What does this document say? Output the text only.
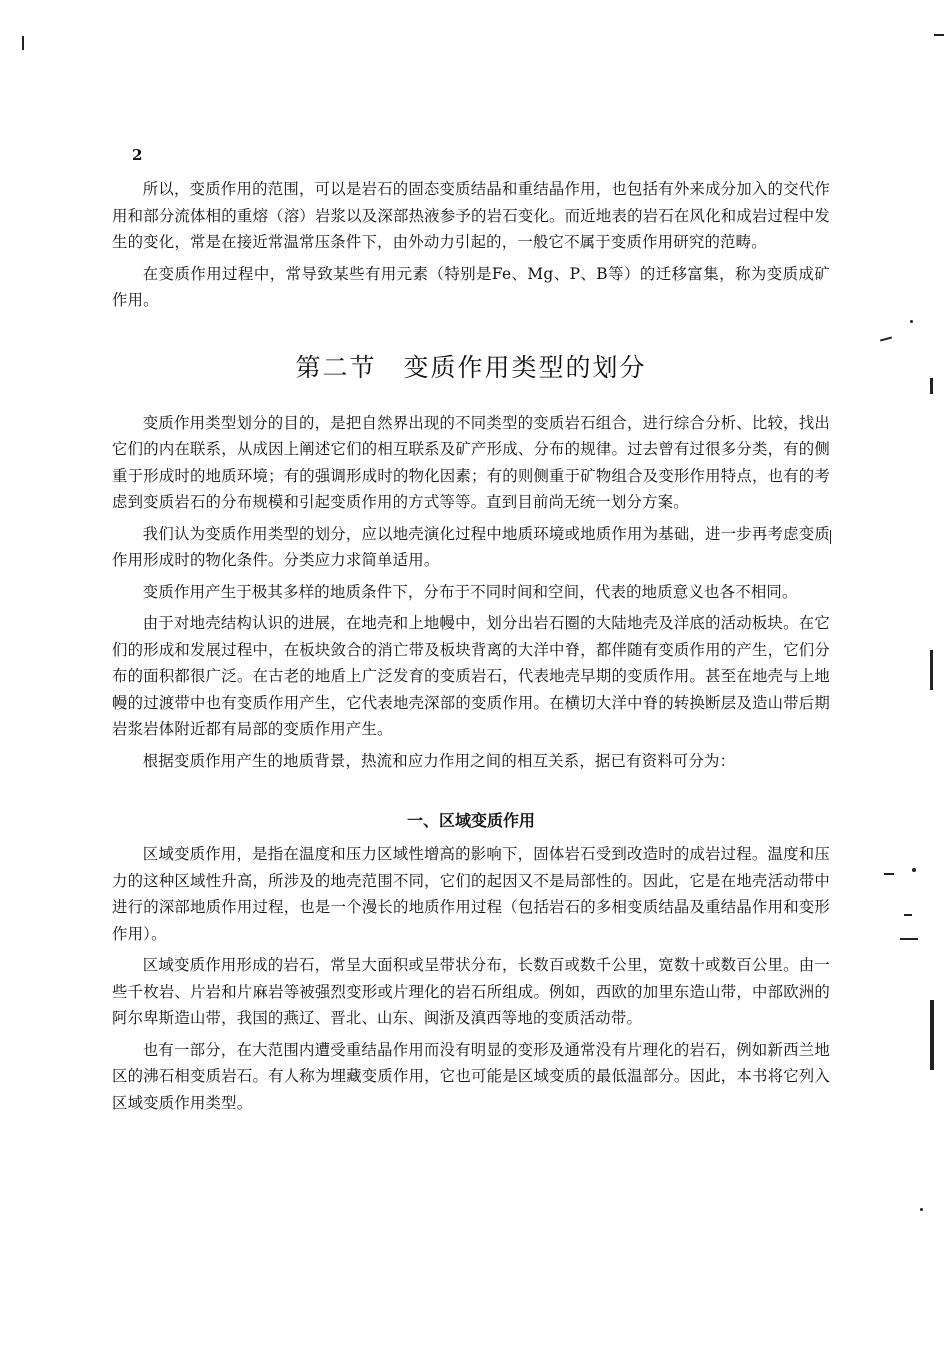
2

所以，变质作用的范围，可以是岩石的固态变质结晶和重结晶作用，也包括有外来成分加入的交代作用和部分流体相的重熔（溶）岩浆以及深部热液参予的岩石变化。而近地表的岩石在风化和成岩过程中发生的变化，常是在接近常温常压条件下，由外动力引起的，一般它不属于变质作用研究的范畴。

在变质作用过程中，常导致某些有用元素（特别是Fe、Mg、P、B等）的迁移富集，称为变质成矿作用。

第二节　变质作用类型的划分

变质作用类型划分的目的，是把自然界出现的不同类型的变质岩石组合，进行综合分析、比较，找出它们的内在联系，从成因上阐述它们的相互联系及矿产形成、分布的规律。过去曾有过很多分类，有的侧重于形成时的地质环境；有的强调形成时的物化因素；有的则侧重于矿物组合及变形作用特点，也有的考虑到变质岩石的分布规模和引起变质作用的方式等等。直到目前尚无统一划分方案。

我们认为变质作用类型的划分，应以地壳演化过程中地质环境或地质作用为基础，进一步再考虑变质作用形成时的物化条件。分类应力求简单适用。

变质作用产生于极其多样的地质条件下，分布于不同时间和空间，代表的地质意义也各不相同。

由于对地壳结构认识的进展，在地壳和上地幔中，划分出岩石圈的大陆地壳及洋底的活动板块。在它们的形成和发展过程中，在板块敛合的消亡带及板块背离的大洋中脊，都伴随有变质作用的产生，它们分布的面积都很广泛。在古老的地盾上广泛发育的变质岩石，代表地壳早期的变质作用。甚至在地壳与上地幔的过渡带中也有变质作用产生，它代表地壳深部的变质作用。在横切大洋中脊的转换断层及造山带后期岩浆岩体附近都有局部的变质作用产生。

根据变质作用产生的地质背景，热流和应力作用之间的相互关系，据已有资料可分为：

一、区域变质作用

区域变质作用，是指在温度和压力区域性增高的影响下，固体岩石受到改造时的成岩过程。温度和压力的这种区域性升高，所涉及的地壳范围不同，它们的起因又不是局部性的。因此，它是在地壳活动带中进行的深部地质作用过程，也是一个漫长的地质作用过程（包括岩石的多相变质结晶及重结晶作用和变形作用）。

区域变质作用形成的岩石，常呈大面积或呈带状分布，长数百或数千公里，宽数十或数百公里。由一些千枚岩、片岩和片麻岩等被强烈变形或片理化的岩石所组成。例如，西欧的加里东造山带，中部欧洲的阿尔卑斯造山带，我国的燕辽、晋北、山东、闽浙及滇西等地的变质活动带。

也有一部分，在大范围内遭受重结晶作用而没有明显的变形及通常没有片理化的岩石，例如新西兰地区的沸石相变质岩石。有人称为埋藏变质作用，它也可能是区域变质的最低温部分。因此，本书将它列入区域变质作用类型。
